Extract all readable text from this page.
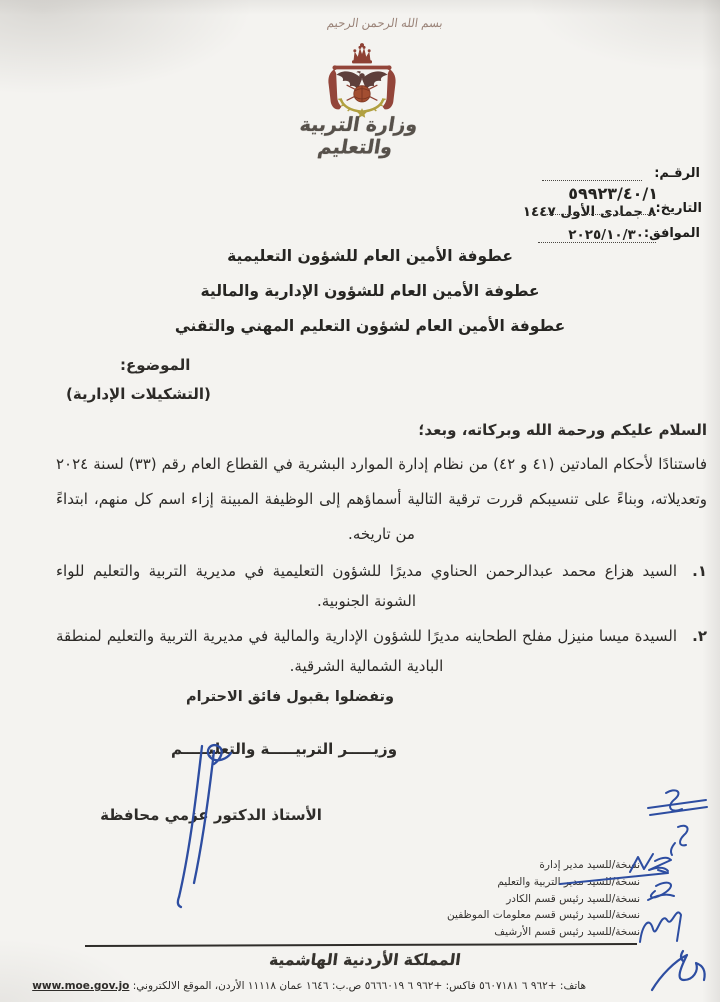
بسم الله الرحمن الرحيم
وزارة التربية والتعليم
الرقـم:
٥٩٩٢٣/٤٠/١
التاريخ:
٨ جمادى الأول ١٤٤٧
الموافق:
٢٠٢٥/١٠/٣٠
عطوفة الأمين العام للشؤون التعليمية
عطوفة الأمين العام للشؤون الإدارية والمالية
عطوفة الأمين العام لشؤون التعليم المهني والتقني
الموضوع:
(التشكيلات الإدارية)
السلام عليكم ورحمة الله وبركاته، وبعد؛
فاستنادًا لأحكام المادتين (٤١ و ٤٢) من نظام إدارة الموارد البشرية في القطاع العام رقم (٣٣) لسنة ٢٠٢٤ وتعديلاته، وبناءً على تنسيبكم قررت ترقية التالية أسماؤهم إلى الوظيفة المبينة إزاء اسم كل منهم، ابتداءً من تاريخه.
١.
السيد هزاع محمد عبدالرحمن الحناوي مديرًا للشؤون التعليمية في مديرية التربية والتعليم للواء الشونة الجنوبية.
٢.
السيدة ميسا منيزل مفلح الطحاينه مديرًا للشؤون الإدارية والمالية في مديرية التربية والتعليم لمنطقة البادية الشمالية الشرقية.
وتفضلوا بقبول فائق الاحترام
وزيـــــر التربيـــــة والتعليـــــم
الأستاذ الدكتور عزمي محافظة
نسخة/للسيد مدير إدارة
نسخة/للسيد مدير التربية والتعليم
نسخة/للسيد رئيس قسم الكادر
نسخة/للسيد رئيس قسم معلومات الموظفين
نسخة/للسيد رئيس قسم الأرشيف
المملكة الأردنية الهاشمية
هاتف: +٩٦٢ ٦ ٥٦٠٧١٨١ فاكس: +٩٦٢ ٦ ٥٦٦٦٠١٩ ص.ب: ١٦٤٦ عمان ١١١١٨ الأردن، الموقع الالكتروني: www.moe.gov.jo
